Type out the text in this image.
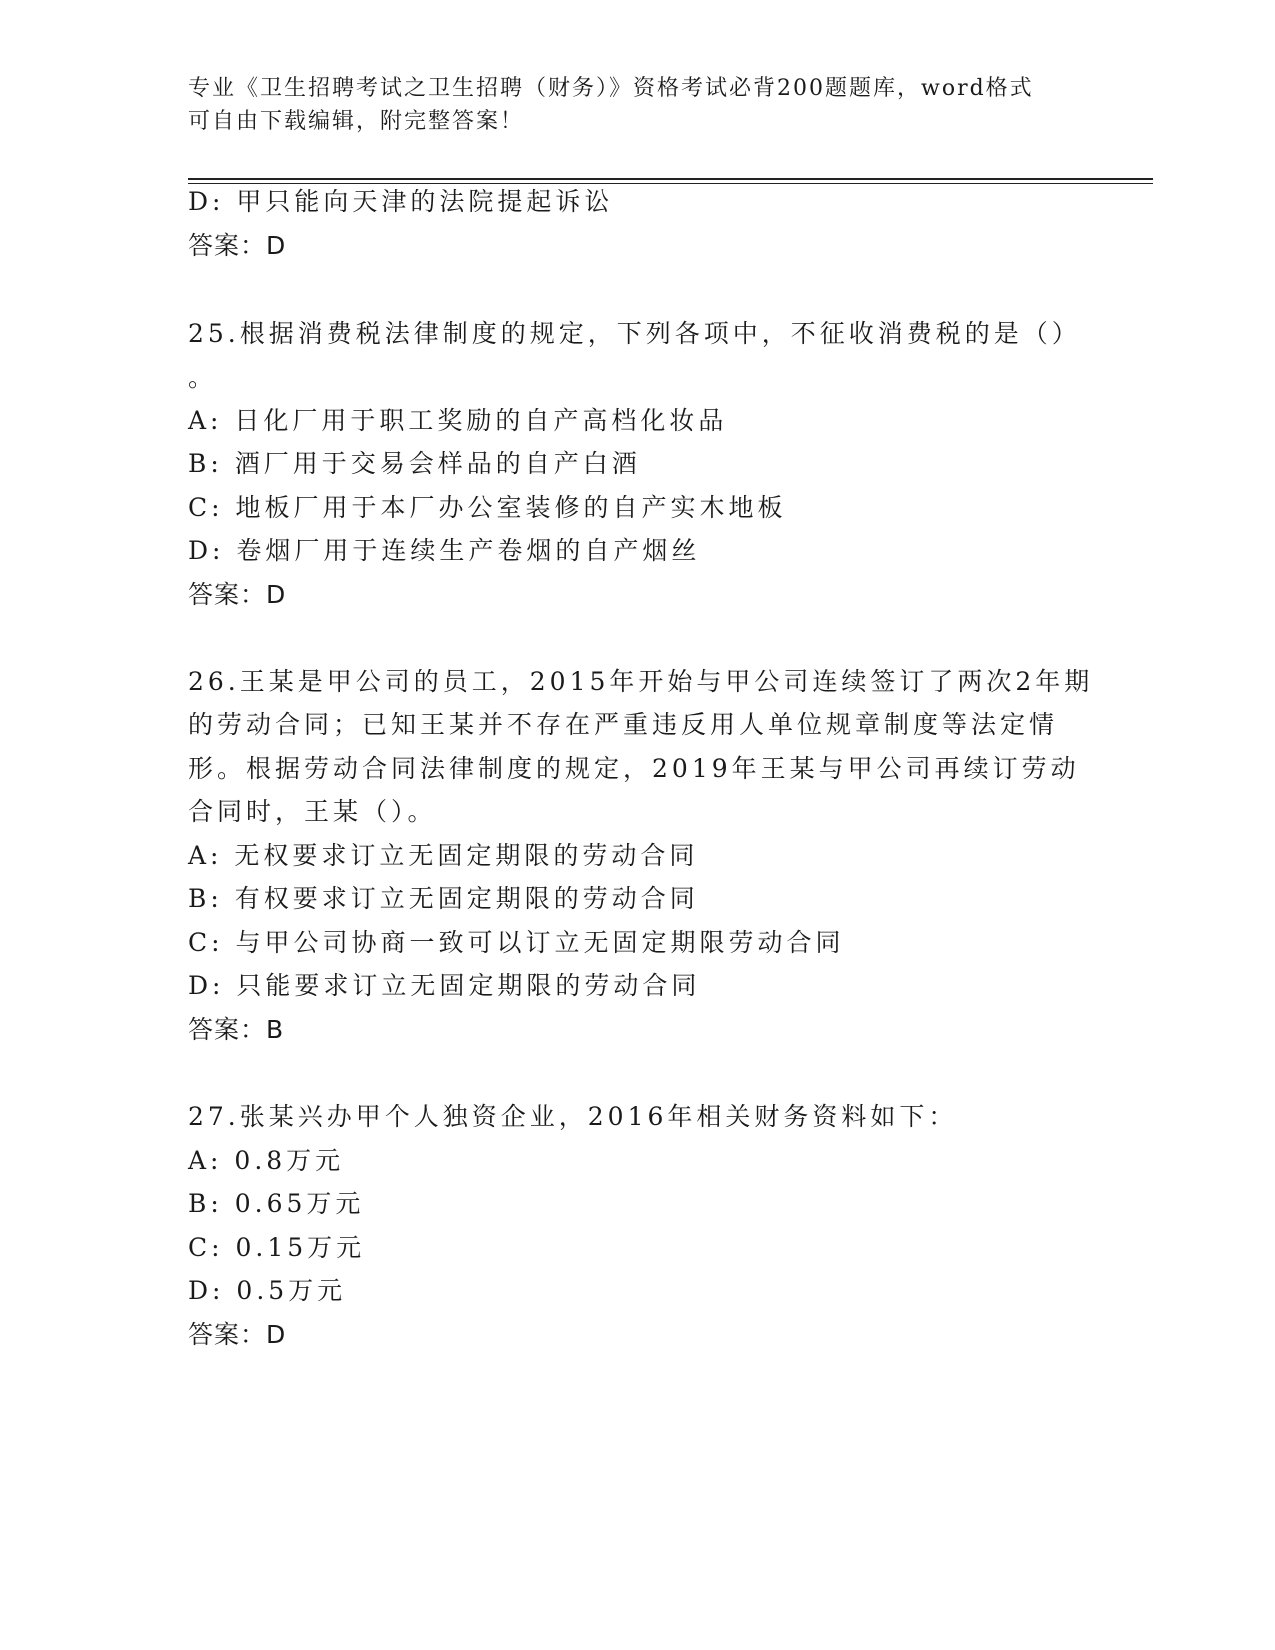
专业《卫生招聘考试之卫生招聘（财务）》资格考试必背200题题库，word格式
可自由下载编辑，附完整答案！
D: 甲只能向天津的法院提起诉讼
答案：D
25.根据消费税法律制度的规定，下列各项中，不征收消费税的是（）
。
A: 日化厂用于职工奖励的自产高档化妆品
B: 酒厂用于交易会样品的自产白酒
C: 地板厂用于本厂办公室装修的自产实木地板
D: 卷烟厂用于连续生产卷烟的自产烟丝
答案：D
26.王某是甲公司的员工，2015年开始与甲公司连续签订了两次2年期
的劳动合同；已知王某并不存在严重违反用人单位规章制度等法定情
形。根据劳动合同法律制度的规定，2019年王某与甲公司再续订劳动
合同时，王某（）。
A: 无权要求订立无固定期限的劳动合同
B: 有权要求订立无固定期限的劳动合同
C: 与甲公司协商一致可以订立无固定期限劳动合同
D: 只能要求订立无固定期限的劳动合同
答案：B
27.张某兴办甲个人独资企业，2016年相关财务资料如下：
A: 0.8万元
B: 0.65万元
C: 0.15万元
D: 0.5万元
答案：D
